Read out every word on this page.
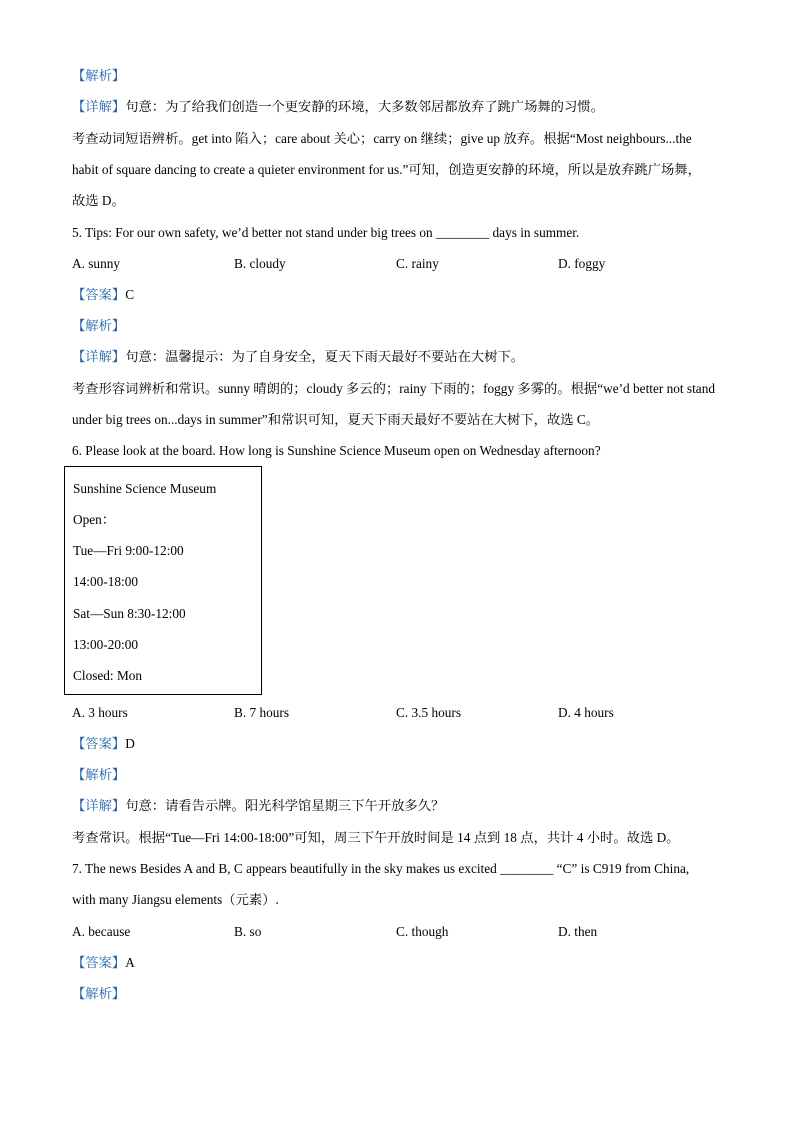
【解析】
【详解】句意：为了给我们创造一个更安静的环境，大多数邻居都放弃了跳广场舞的习惯。
考查动词短语辨析。get into 陷入；care about 关心；carry on 继续；give up 放弃。根据“Most neighbours...the
habit of square dancing to create a quieter environment for us.”可知，创造更安静的环境，所以是放弃跳广场舞，
故选 D。
5. Tips: For our own safety, we’d better not stand under big trees on ________ days in summer.
A. sunny	B. cloudy	C. rainy	D. foggy
【答案】C
【解析】
【详解】句意：温馨提示：为了自身安全，夏天下雨天最好不要站在大树下。
考查形容词辨析和常识。sunny 晴朗的；cloudy 多云的；rainy 下雨的；foggy 多雾的。根据“we’d better not stand
under big trees on...days in summer”和常识可知，夏天下雨天最好不要站在大树下，故选 C。
6. Please look at the board. How long is Sunshine Science Museum open on Wednesday afternoon?
Sunshine Science Museum
Open：
Tue—Fri 9:00-12:00
14:00-18:00
Sat—Sun 8:30-12:00
13:00-20:00
Closed: Mon
A. 3 hours	B. 7 hours	C. 3.5 hours	D. 4 hours
【答案】D
【解析】
【详解】句意：请看告示牌。阳光科学馆星期三下午开放多久？
考查常识。根据“Tue—Fri 14:00-18:00”可知，周三下午开放时间是 14 点到 18 点，共计 4 小时。故选 D。
7. The news Besides A and B, C appears beautifully in the sky makes us excited ________ “C” is C919 from China,
with many Jiangsu elements（元素）.
A. because	B. so	C. though	D. then
【答案】A
【解析】
